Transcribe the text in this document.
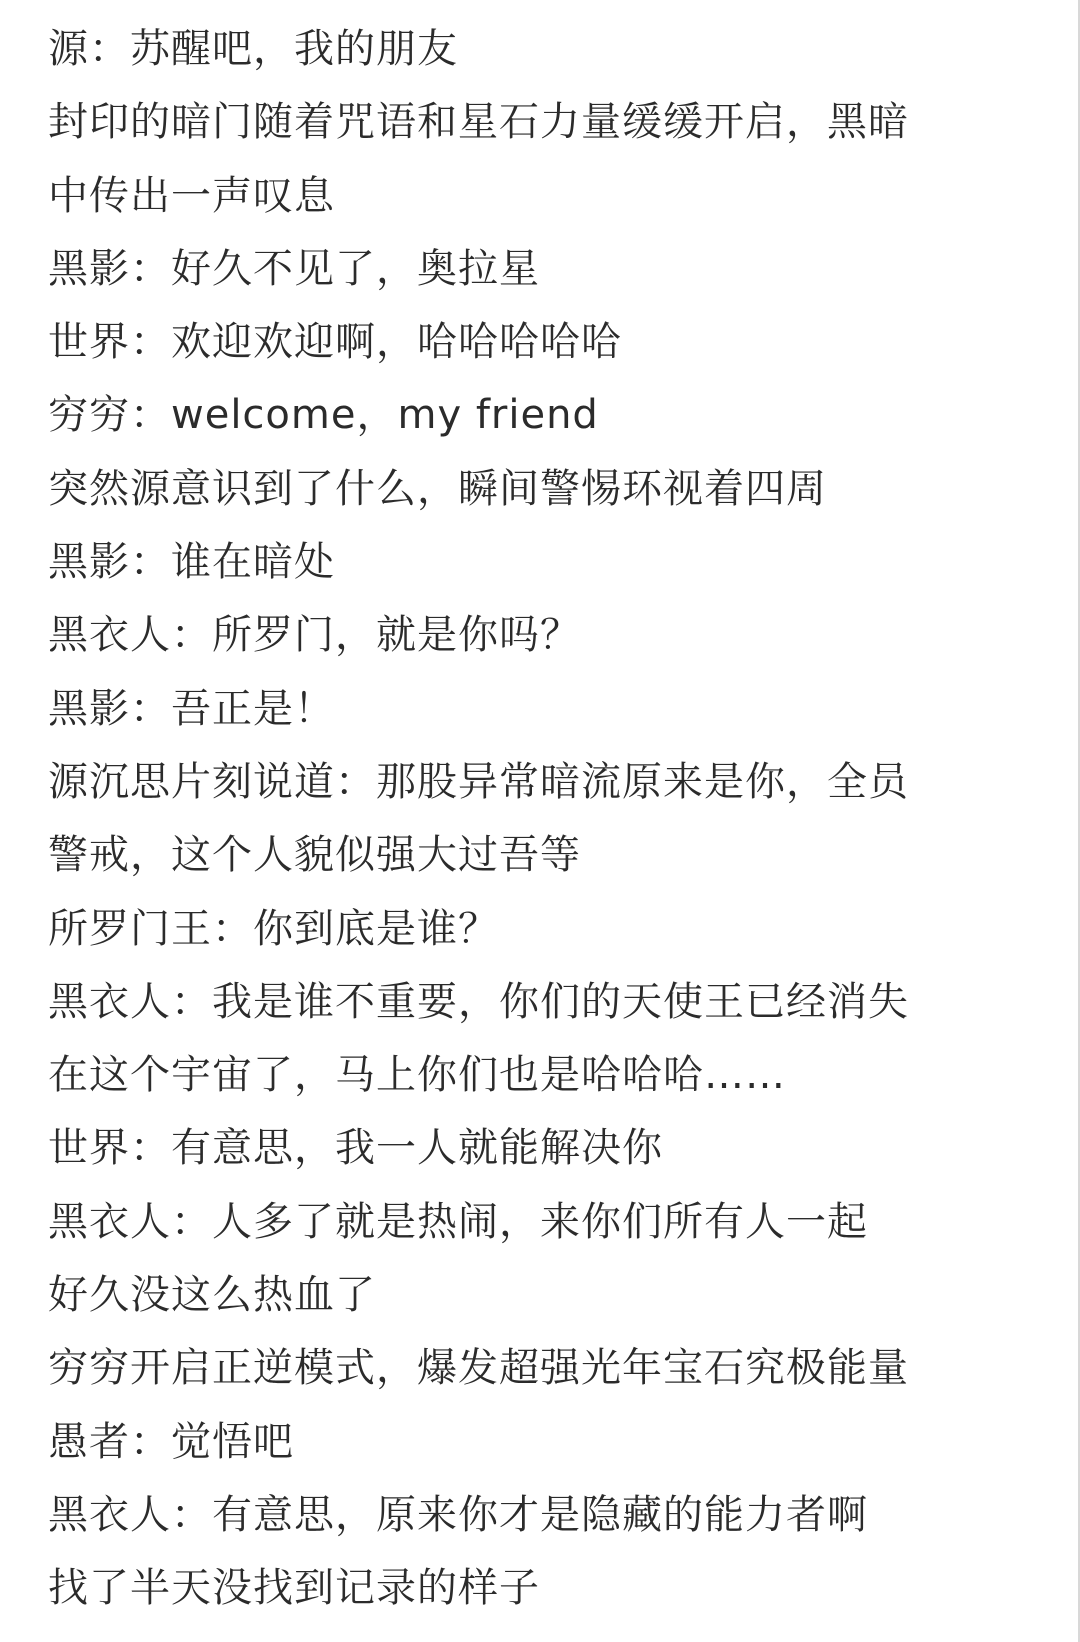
源：苏醒吧，我的朋友
封印的暗门随着咒语和星石力量缓缓开启，黑暗
中传出一声叹息
黑影：好久不见了，奥拉星
世界：欢迎欢迎啊，哈哈哈哈哈
穷穷：welcome，my friend
突然源意识到了什么，瞬间警惕环视着四周
黑影：谁在暗处
黑衣人：所罗门，就是你吗？
黑影：吾正是！
源沉思片刻说道：那股异常暗流原来是你，全员
警戒，这个人貌似强大过吾等
所罗门王：你到底是谁？
黑衣人：我是谁不重要，你们的天使王已经消失
在这个宇宙了，马上你们也是哈哈哈……
世界：有意思，我一人就能解决你
黑衣人：人多了就是热闹，来你们所有人一起
好久没这么热血了
穷穷开启正逆模式，爆发超强光年宝石究极能量
愚者：觉悟吧
黑衣人：有意思，原来你才是隐藏的能力者啊
找了半天没找到记录的样子
